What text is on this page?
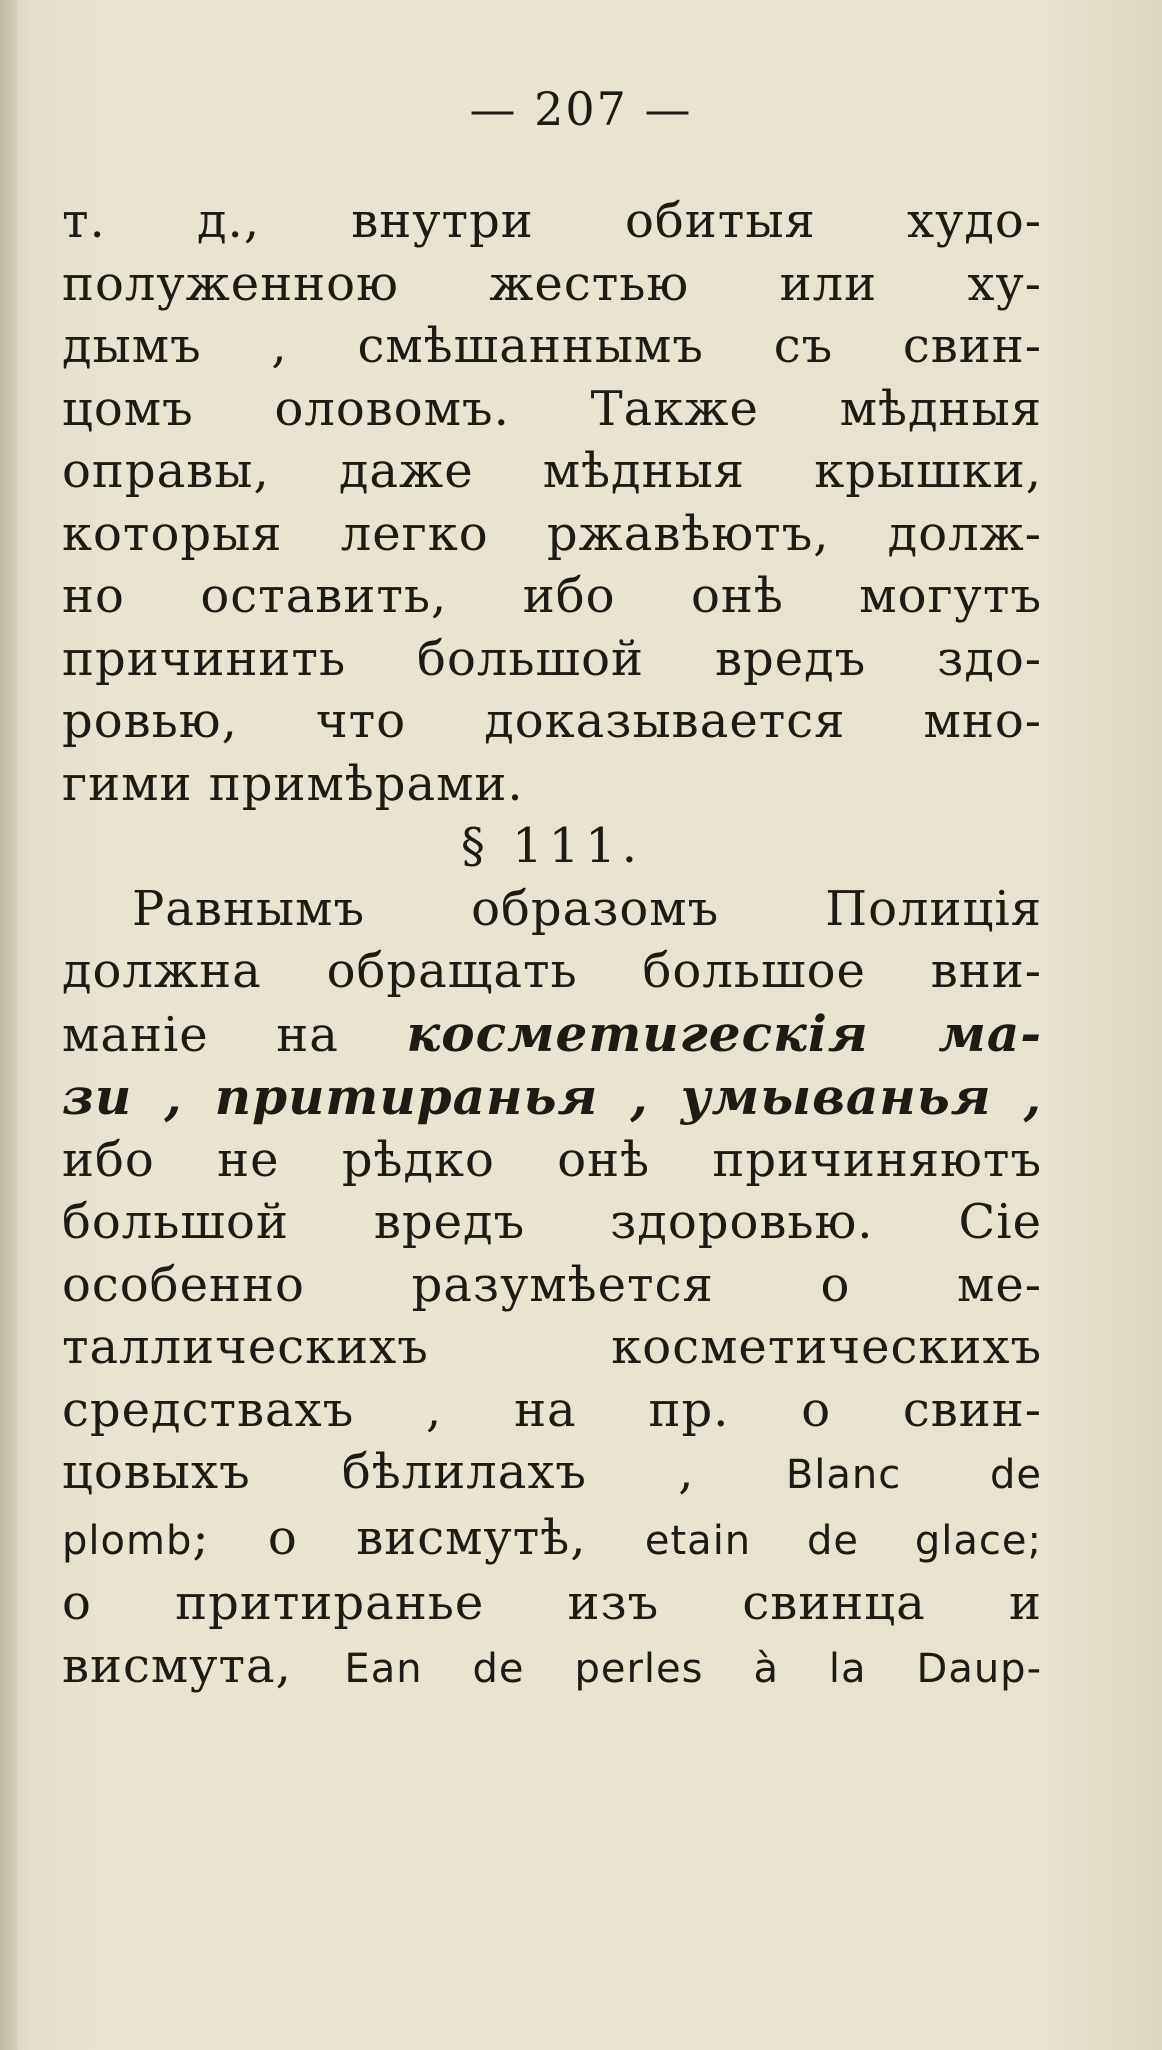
— 207 —
т. д., внутри обитыя худо-
полуженною жестью или ху-
дымъ , смѣшаннымъ съ свин-
цомъ оловомъ. Также мѣдныя
оправы, даже мѣдныя крышки,
которыя легко ржавѣютъ, долж-
но оставить, ибо онѣ могутъ
причинить большой вредъ здо-
ровью, что доказывается мно-
гими примѣрами.
§ 111.
Равнымъ образомъ Полиція
должна обращать большое вни-
маніе на косметигескія ма-
зи , притиранья , умыванья ,
ибо не рѣдко онѣ причиняютъ
большой вредъ здоровью. Сіе
особенно разумѣется о ме-
таллическихъ косметическихъ
средствахъ , на пр. о свин-
цовыхъ бѣлилахъ , Blanc de
plomb; о висмутѣ, etain de glace;
о притиранье изъ свинца и
висмута, Ean de perles à la Daup-
